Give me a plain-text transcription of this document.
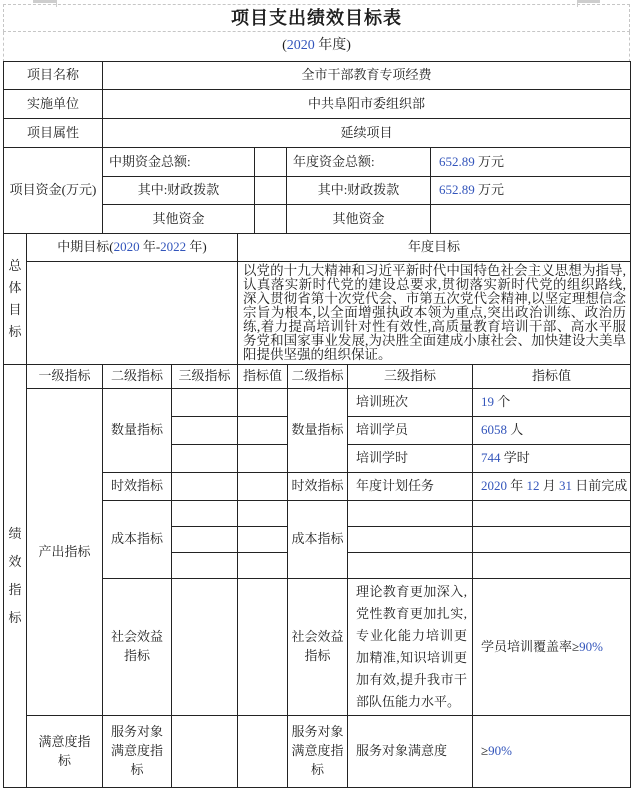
项目支出绩效目标表
(2020 年度)
项目名称	全市干部教育专项经费
实施单位	中共阜阳市委组织部
项目属性	延续项目
项目资金(万元)	中期资金总额:		年度资金总额:	652.89 万元
	其中:财政拨款		其中:财政拨款	652.89 万元
	其他资金		其他资金	
总体目标	中期目标(2020 年-2022 年)	年度目标
		以党的十九大精神和习近平新时代中国特色社会主义思想为指导,认真落实新时代党的建设总要求,贯彻落实新时代党的组织路线,深入贯彻省第十次党代会、市第五次党代会精神,以坚定理想信念宗旨为根本,以全面增强执政本领为重点,突出政治训练、政治历练,着力提高培训针对性有效性,高质量教育培训干部、高水平服务党和国家事业发展,为决胜全面建成小康社会、加快建设大美阜阳提供坚强的组织保证。
绩效指标	一级指标	二级指标	三级指标	指标值	二级指标	三级指标	指标值
	产出指标	数量指标			数量指标	培训班次	19 个
						培训学员	6058 人
						培训学时	744 学时
		时效指标			时效指标	年度计划任务	2020 年 12 月 31 日前完成
		成本指标			成本指标		

		社会效益指标			社会效益指标	理论教育更加深入,党性教育更加扎实,专业化能力培训更加精准,知识培训更加有效,提升我市干部队伍能力水平。	学员培训覆盖率≥90%
	满意度指标	服务对象满意度指标			服务对象满意度指标	服务对象满意度	≥90%
